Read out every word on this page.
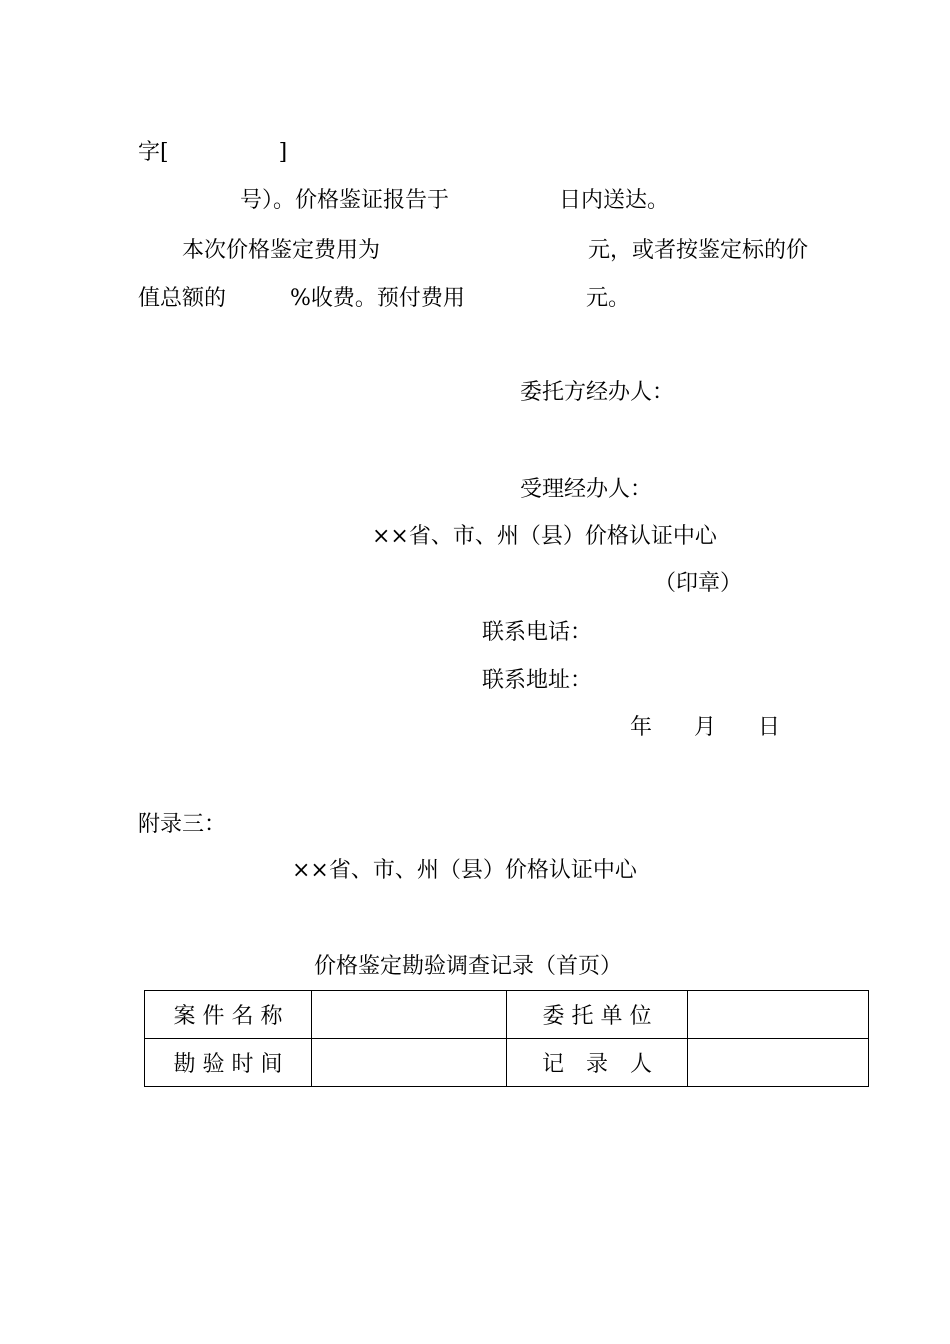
字[　　　　　]
号）。价格鉴证报告于　　　　　日内送达。
本次价格鉴定费用为	元，或者按鉴定标的价
值总额的	%收费。预付费用	元。
委托方经办人：
受理经办人：
××省、市、州（县）价格认证中心
（印章）
联系电话：
联系地址：
年 月 日
附录三：
××省、市、州（县）价格认证中心
价格鉴定勘验调查记录（首页）
案 件 名 称		委 托 单 位	
勘 验 时 间		记　录　人	
